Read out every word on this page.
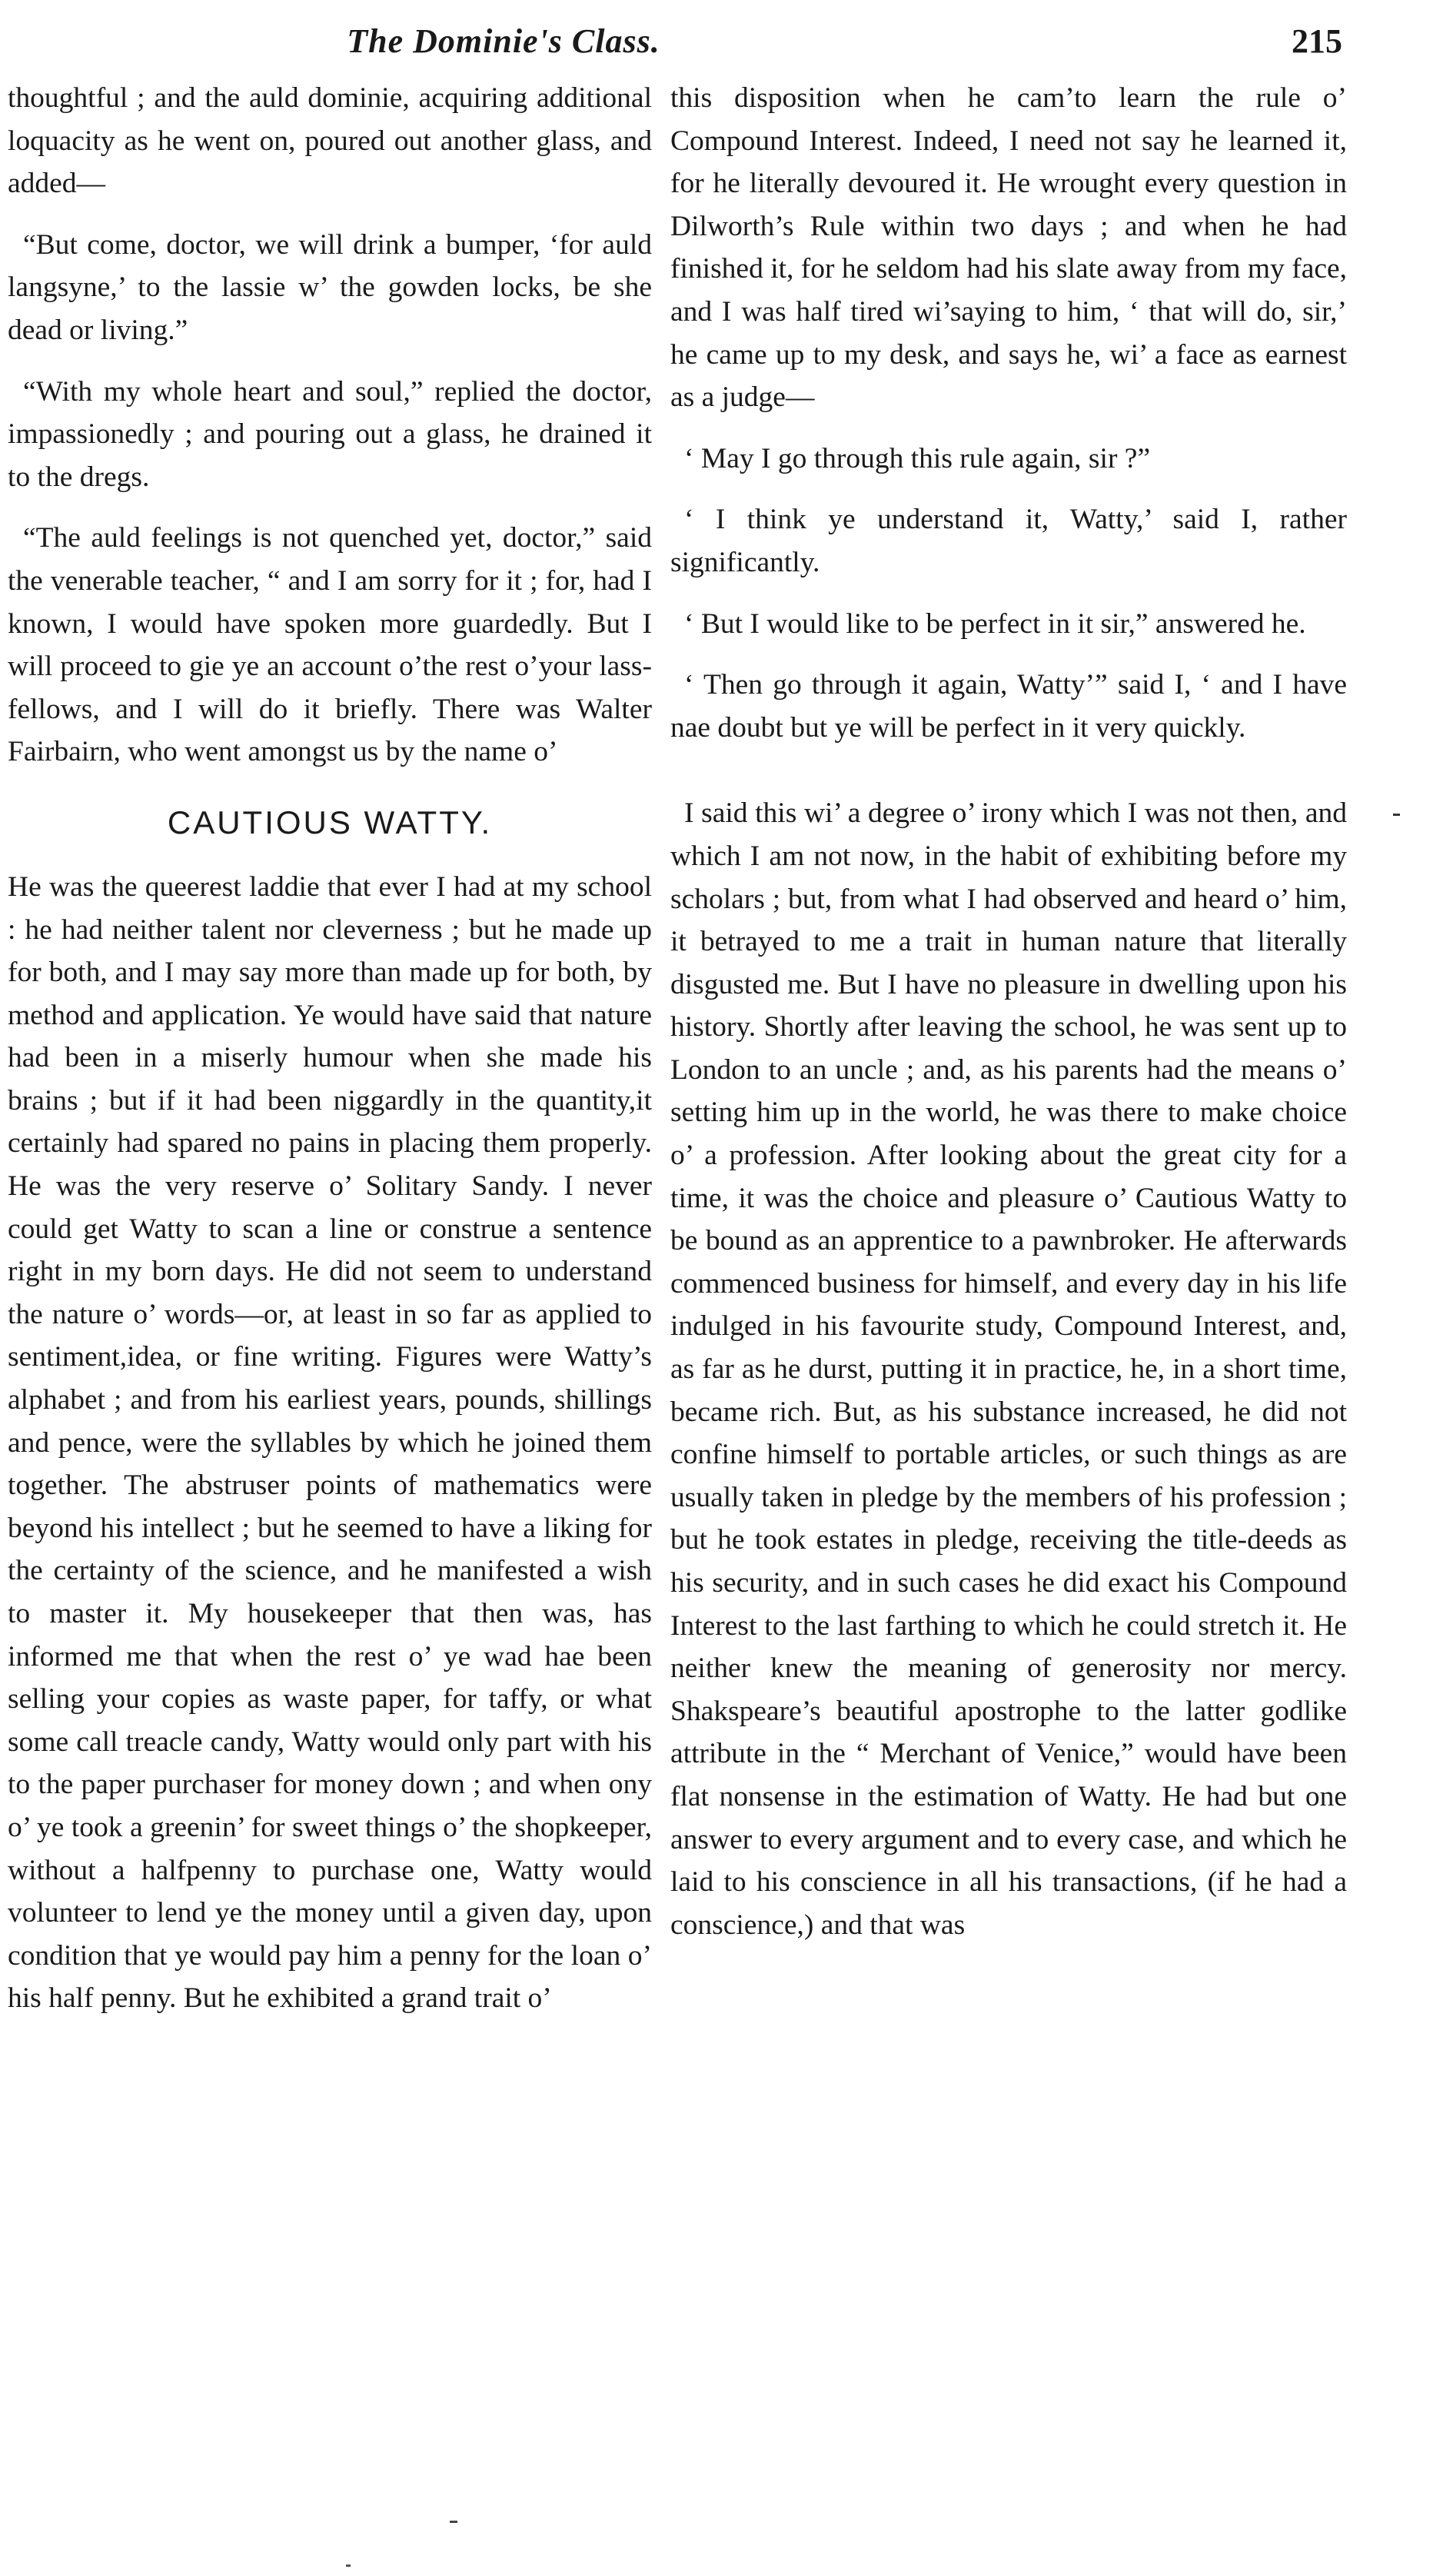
The Dominie's Class.	215

thoughtful ; and the auld dominie, acquiring additional loquacity as he went on, poured out another glass, and added—

“But come, doctor, we will drink a bumper, ‘for auld langsyne,’ to the lassie w’ the gowden locks, be she dead or living.”

“With my whole heart and soul,” replied the doctor, impassionedly ; and pouring out a glass, he drained it to the dregs.

“The auld feelings is not quenched yet, doctor,” said the venerable teacher, “ and I am sorry for it ; for, had I known, I would have spoken more guardedly. But I will proceed to gie ye an account o’the rest o’your lass-fellows, and I will do it briefly. There was Walter Fairbairn, who went amongst us by the name o’

CAUTIOUS WATTY.

He was the queerest laddie that ever I had at my school : he had neither talent nor cleverness ; but he made up for both, and I may say more than made up for both, by method and application. Ye would have said that nature had been in a miserly humour when she made his brains ; but if it had been niggardly in the quantity,it certainly had spared no pains in placing them properly. He was the very reserve o’ Solitary Sandy. I never could get Watty to scan a line or construe a sentence right in my born days. He did not seem to understand the nature o’ words—or, at least in so far as applied to sentiment,idea, or fine writing. Figures were Watty’s alphabet ; and from his earliest years, pounds, shillings and pence, were the syllables by which he joined them together. The abstruser points of mathematics were beyond his intellect ; but he seemed to have a liking for the certainty of the science, and he manifested a wish to master it. My housekeeper that then was, has informed me that when the rest o’ ye wad hae been selling your copies as waste paper, for taffy, or what some call treacle candy, Watty would only part with his to the paper purchaser for money down ; and when ony o’ ye took a greenin’ for sweet things o’ the shopkeeper, without a halfpenny to purchase one, Watty would volunteer to lend ye the money until a given day, upon condition that ye would pay him a penny for the loan o’ his half penny. But he exhibited a grand trait o’

this disposition when he cam’to learn the rule o’ Compound Interest. Indeed, I need not say he learned it, for he literally devoured it. He wrought every question in Dilworth’s Rule within two days ; and when he had finished it, for he seldom had his slate away from my face, and I was half tired wi’saying to him, ‘ that will do, sir,’ he came up to my desk, and says he, wi’ a face as earnest as a judge—

‘ May I go through this rule again, sir ?”

‘ I think ye understand it, Watty,’ said I, rather significantly.

‘ But I would like to be perfect in it sir,” answered he.

‘ Then go through it again, Watty’” said I, ‘ and I have nae doubt but ye will be perfect in it very quickly.

I said this wi’ a degree o’ irony which I was not then, and which I am not now, in the habit of exhibiting before my scholars ; but, from what I had observed and heard o’ him, it betrayed to me a trait in human nature that literally disgusted me. But I have no pleasure in dwelling upon his history. Shortly after leaving the school, he was sent up to London to an uncle ; and, as his parents had the means o’ setting him up in the world, he was there to make choice o’ a profession. After looking about the great city for a time, it was the choice and pleasure o’ Cautious Watty to be bound as an apprentice to a pawnbroker. He afterwards commenced business for himself, and every day in his life indulged in his favourite study, Compound Interest, and, as far as he durst, putting it in practice, he, in a short time, became rich. But, as his substance increased, he did not confine himself to portable articles, or such things as are usually taken in pledge by the members of his profession ; but he took estates in pledge, receiving the title-deeds as his security, and in such cases he did exact his Compound Interest to the last farthing to which he could stretch it. He neither knew the meaning of generosity nor mercy. Shakspeare’s beautiful apostrophe to the latter godlike attribute in the “ Merchant of Venice,” would have been flat nonsense in the estimation of Watty. He had but one answer to every argument and to every case, and which he laid to his conscience in all his transactions, (if he had a conscience,) and that was
